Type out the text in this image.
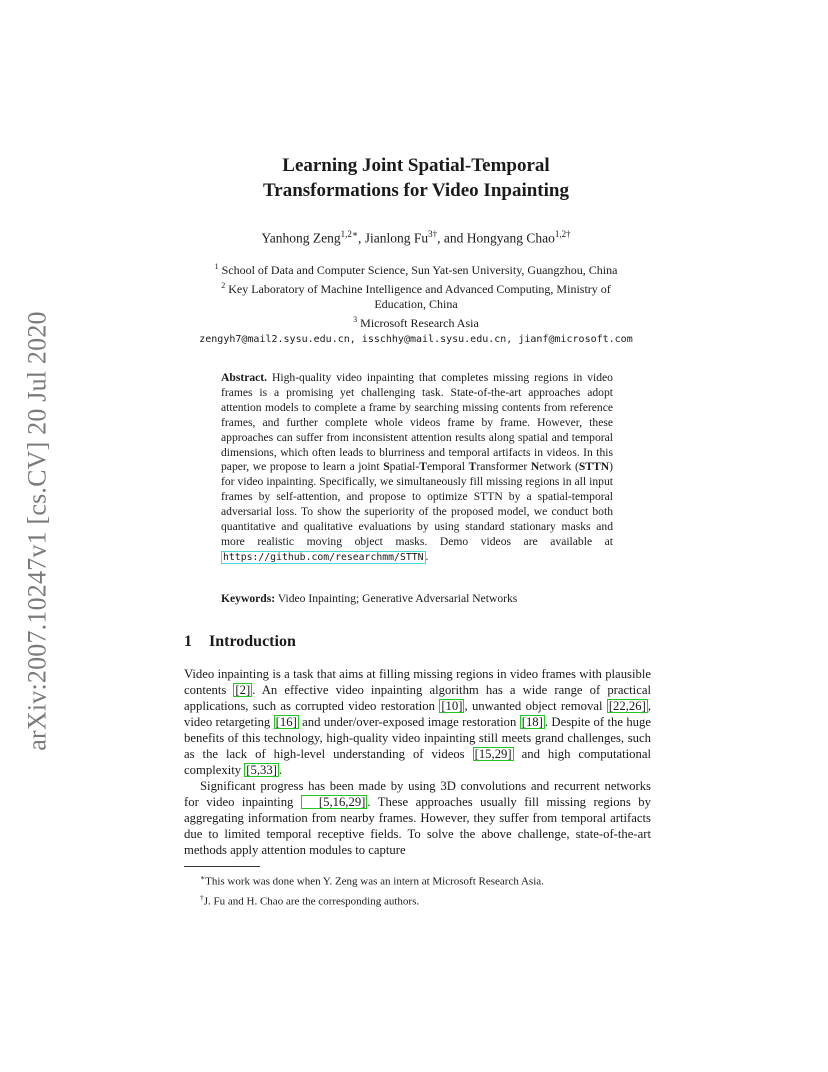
arXiv:2007.10247v1 [cs.CV] 20 Jul 2020
Learning Joint Spatial-Temporal
Transformations for Video Inpainting
Yanhong Zeng$^{1,2∗}$, Jianlong $Fu^{3\dagger}$, and Hongyang Chao$^{1,2\dagger}$
$^1$ School of Data and Computer Science, Sun Yat-sen University, Guangzhou, China
$^2$ Key Laboratory of Machine Intelligence and Advanced Computing, Ministry of
Education, China
$^3$ Microsoft Research Asia
zengyh7@mail2.sysu.edu.cn, isschhy@mail.sysu.edu.cn, jianf@microsoft.com
Abstract. High-quality video inpainting that completes missing regions in video frames is a promising yet challenging task. State-of-the-art approaches adopt attention models to complete a frame by searching missing contents from reference frames, and further complete whole videos frame by frame. However, these approaches can suffer from inconsistent attention results along spatial and temporal dimensions, which often leads to blurriness and temporal artifacts in videos. In this paper, we propose to learn a joint Spatial-Temporal Transformer Network (STTN) for video inpainting. Specifically, we simultaneously fill missing regions in all input frames by self-attention, and propose to optimize STTN by a spatial-temporal adversarial loss. To show the superiority of the proposed model, we conduct both quantitative and qualitative evaluations by using standard stationary masks and more realistic moving object masks. Demo videos are available at https://github.com/researchmm/STTN .
Keywords: Video Inpainting; Generative Adversarial Networks
1 Introduction

Video inpainting is a task that aims at filling missing regions in video frames with plausible contents [2] . An effective video inpainting algorithm has a wide range of practical applications, such as corrupted video restoration [10] , unwanted object removal [22,26] , video retargeting [16] and under/over-exposed image restoration [18] . Despite of the huge benefits of this technology, high-quality video inpainting still meets grand challenges, such as the lack of high-level understanding of videos [15,29] and high computational complexity [5,33] .

Significant progress has been made by using 3D convolutions and recurrent networks for video inpainting [5,16,29] . These approaches usually fill missing regions by aggregating information from nearby frames. However, they suffer from temporal artifacts due to limited temporal receptive fields. To solve the above challenge, state-of-the-art methods apply attention modules to capture

∗This work was done when Y. Zeng was an intern at Microsoft Research Asia.
†J. Fu and H. Chao are the corresponding authors.
